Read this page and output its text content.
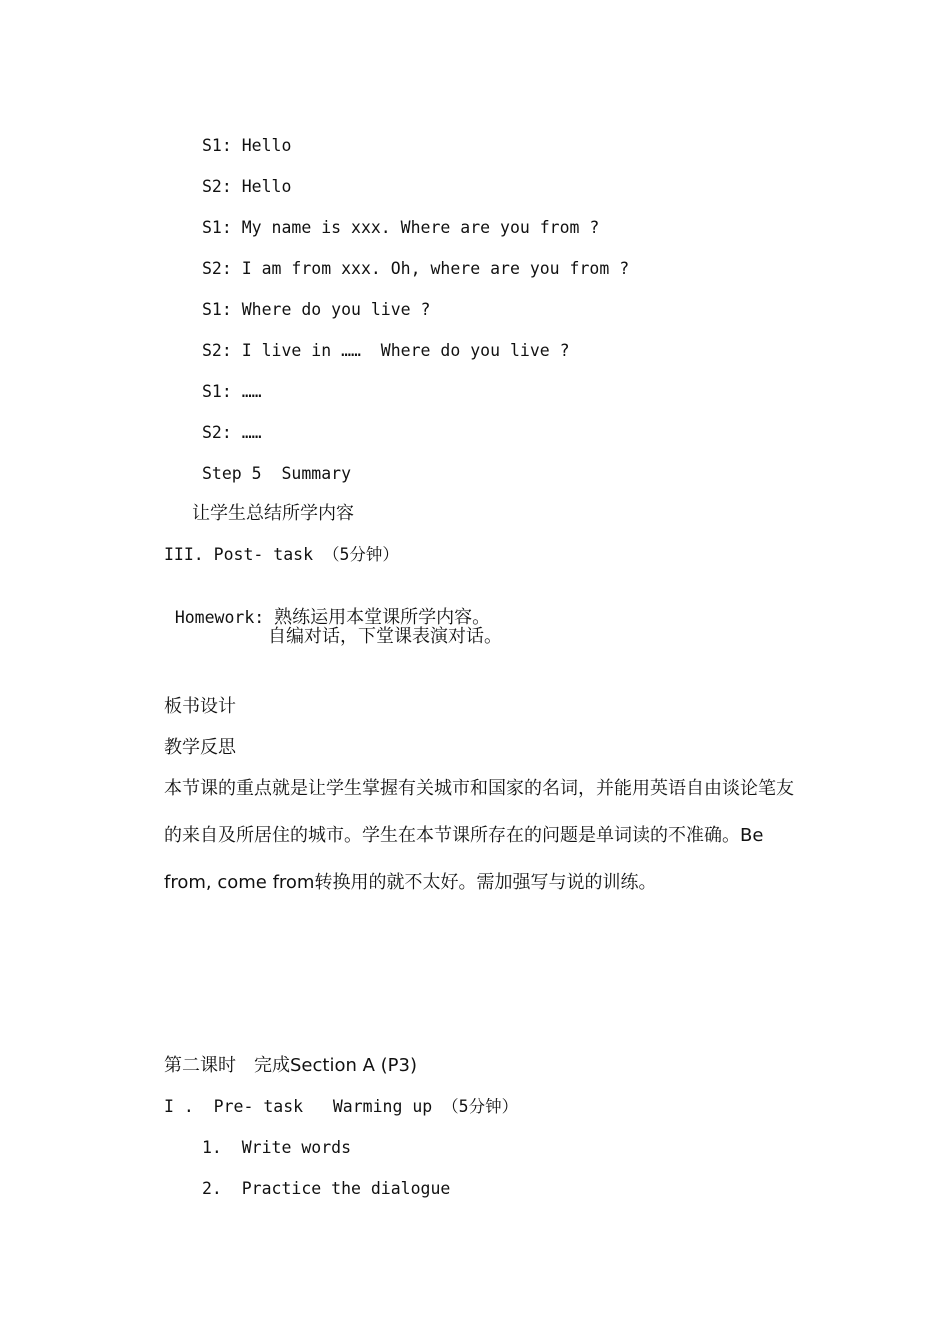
S1: Hello
S2: Hello
S1: My name is xxx. Where are you from ?
S2: I am from xxx. Oh, where are you from ?
S1: Where do you live ?
S2: I live in ……  Where do you live ?
S1: ……
S2: ……
Step 5  Summary
让学生总结所学内容
III. Post- task （5分钟）

Homework: 熟练运用本堂课所学内容。

自编对话，下堂课表演对话。
板书设计
教学反思

本节课的重点就是让学生掌握有关城市和国家的名词，并能用英语自由谈论笔友的来自及所居住的城市。学生在本节课所存在的问题是单词读的不准确。Be from, come from转换用的就不太好。需加强写与说的训练。

第二课时　完成Section A (P3)
I .  Pre- task   Warming up （5分钟）
1.  Write words
2.  Practice the dialogue
